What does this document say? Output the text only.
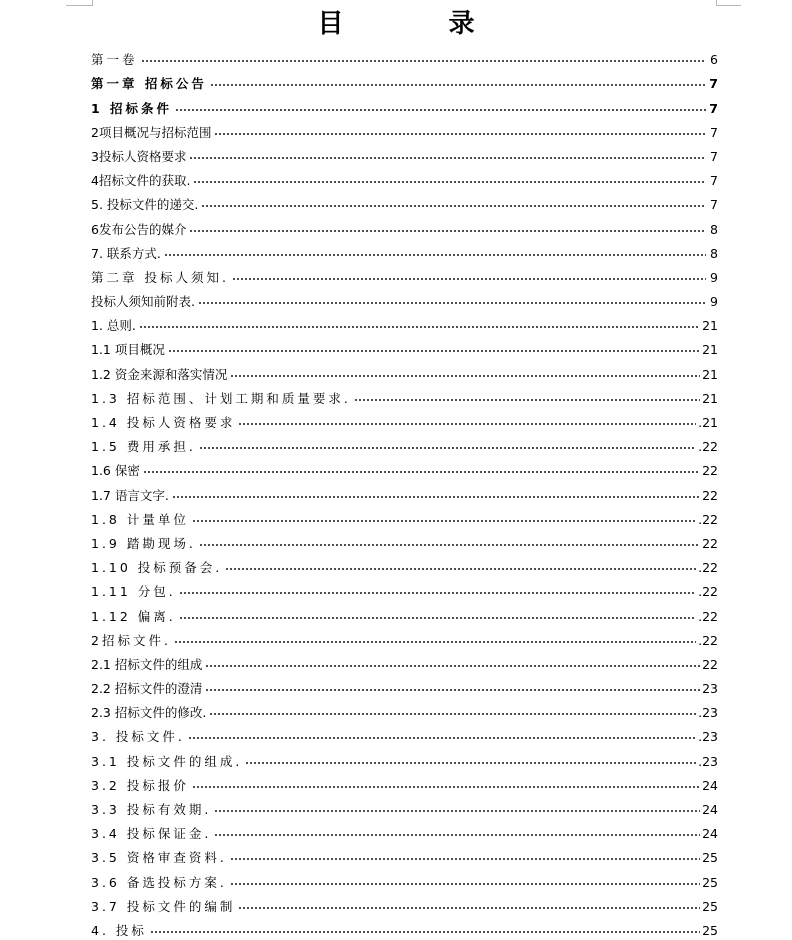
目 录
第一卷	6
第一章 招标公告	7
1 招标条件	7
2项目概况与招标范围	7
3投标人资格要求	7
4招标文件的获取.	7
5. 投标文件的递交.	7
6发布公告的媒介	8
7. 联系方式.	8
第二章 投标人须知.	9
投标人须知前附表.	9
1. 总则.	21
1.1 项目概况	21
1.2 资金来源和落实情况	21
1.3 招标范围、计划工期和质量要求.	21
1.4 投标人资格要求	.21
1.5 费用承担.	.22
1.6 保密	22
1.7 语言文字.	22
1.8 计量单位	.22
1.9 踏勘现场.	22
1.10 投标预备会.	.22
1.11 分包.	.22
1.12 偏离.	.22
2招标文件.	.22
2.1 招标文件的组成	22
2.2 招标文件的澄清	23
2.3 招标文件的修改.	.23
3. 投标文件.	.23
3.1 投标文件的组成.	.23
3.2 投标报价	24
3.3 投标有效期.	24
3.4 投标保证金.	24
3.5 资格审查资料.	25
3.6 备选投标方案.	25
3.7 投标文件的编制	25
4. 投标	25
